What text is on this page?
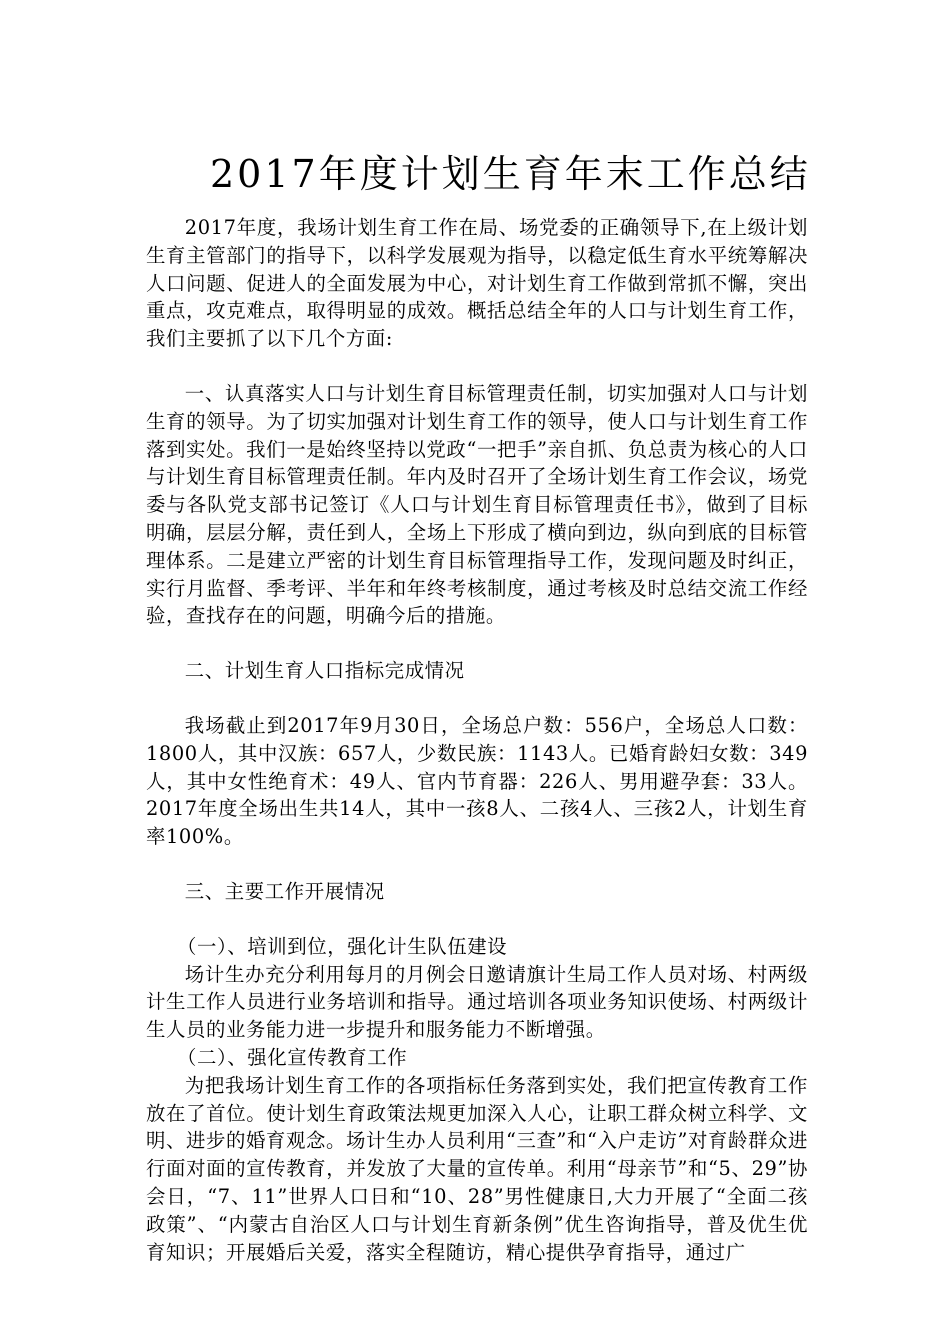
2017年度计划生育年末工作总结

2017年度，我场计划生育工作在局、场党委的正确领导下,在上级计划生育主管部门的指导下，以科学发展观为指导，以稳定低生育水平统筹解决人口问题、促进人的全面发展为中心，对计划生育工作做到常抓不懈，突出重点，攻克难点，取得明显的成效。概括总结全年的人口与计划生育工作，我们主要抓了以下几个方面:

一、认真落实人口与计划生育目标管理责任制，切实加强对人口与计划生育的领导。为了切实加强对计划生育工作的领导，使人口与计划生育工作落到实处。我们一是始终坚持以党政“一把手”亲自抓、负总责为核心的人口与计划生育目标管理责任制。年内及时召开了全场计划生育工作会议，场党委与各队党支部书记签订《人口与计划生育目标管理责任书》，做到了目标明确，层层分解，责任到人，全场上下形成了横向到边，纵向到底的目标管理体系。二是建立严密的计划生育目标管理指导工作，发现问题及时纠正，实行月监督、季考评、半年和年终考核制度，通过考核及时总结交流工作经验，查找存在的问题，明确今后的措施。

二、计划生育人口指标完成情况

我场截止到2017年9月30日，全场总户数：556户，全场总人口数：1800人，其中汉族：657人，少数民族：1143人。已婚育龄妇女数：349人，其中女性绝育术：49人、官内节育器：226人、男用避孕套：33人。2017年度全场出生共14人，其中一孩8人、二孩4人、三孩2人，计划生育率100%。

三、主要工作开展情况

（一）、培训到位，强化计生队伍建设

场计生办充分利用每月的月例会日邀请旗计生局工作人员对场、村两级计生工作人员进行业务培训和指导。通过培训各项业务知识使场、村两级计生人员的业务能力进一步提升和服务能力不断增强。

（二）、强化宣传教育工作

为把我场计划生育工作的各项指标任务落到实处，我们把宣传教育工作放在了首位。使计划生育政策法规更加深入人心，让职工群众树立科学、文明、进步的婚育观念。场计生办人员利用“三查”和“入户走访”对育龄群众进行面对面的宣传教育，并发放了大量的宣传单。利用“母亲节”和“5、29”协会日，“7、11”世界人口日和“10、28”男性健康日,大力开展了“全面二孩政策”、“内蒙古自治区人口与计划生育新条例”优生咨询指导，普及优生优育知识；开展婚后关爱，落实全程随访，精心提供孕育指导，通过广
